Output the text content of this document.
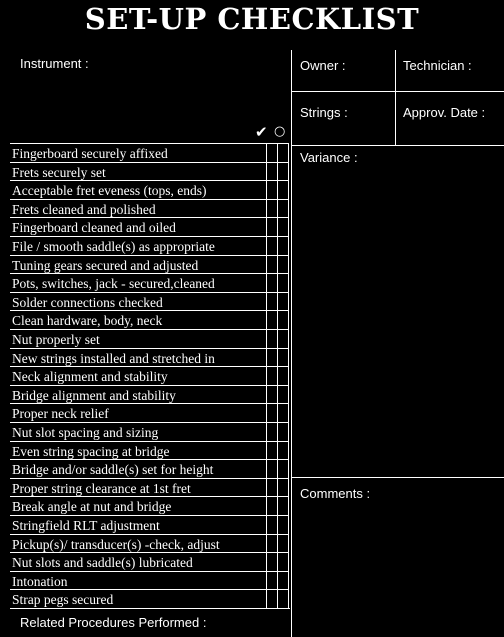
SET-UP CHECKLIST
Instrument :	Owner :	Technician :
Strings :	Approv. Date :
✔ ○
Fingerboard securely affixed
Frets securely set
Acceptable fret eveness (tops, ends)
Frets cleaned and polished
Fingerboard cleaned and oiled
File / smooth saddle(s) as appropriate
Tuning gears secured and adjusted
Pots, switches, jack - secured,cleaned
Solder connections checked
Clean hardware, body, neck
Nut properly set
New strings installed and stretched in
Neck alignment and stability
Bridge alignment and stability
Proper neck relief
Nut slot spacing and sizing
Even string spacing at bridge
Bridge and/or saddle(s) set for height
Proper string clearance at 1st fret
Break angle at nut and bridge
Stringfield RLT adjustment
Pickup(s)/ transducer(s) -check, adjust
Nut slots and saddle(s) lubricated
Intonation
Strap pegs secured
Variance :
Comments :
Related Procedures Performed :
